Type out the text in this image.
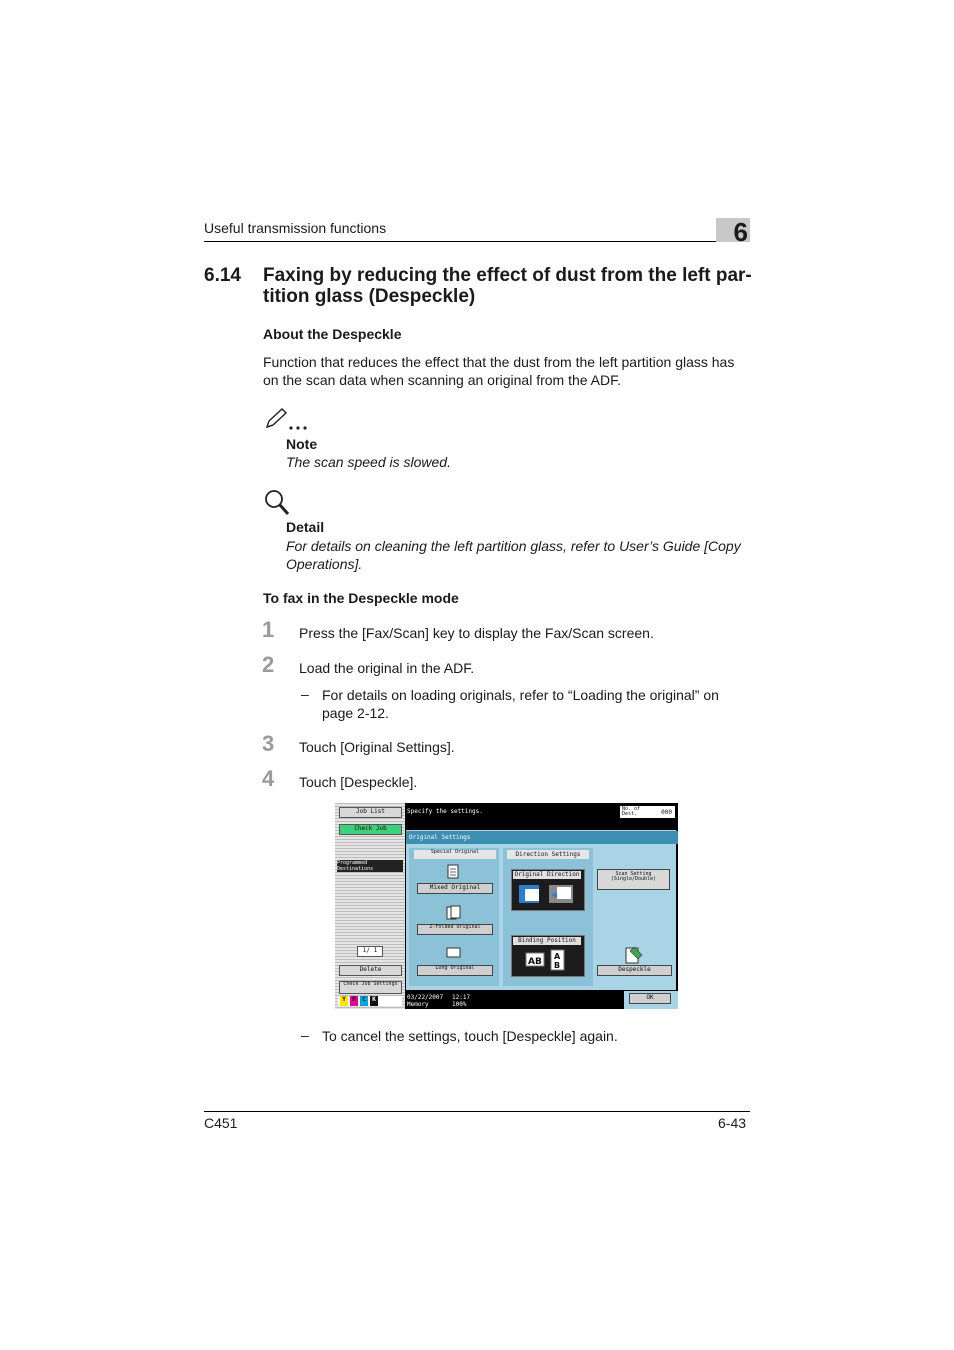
Useful transmission functions	6
6.14 Faxing by reducing the effect of dust from the left par-
tition glass (Despeckle)
About the Despeckle
Function that reduces the effect that the dust from the left partition glass has on the scan data when scanning an original from the ADF.
Note
The scan speed is slowed.
Detail
For details on cleaning the left partition glass, refer to User’s Guide [Copy Operations].
To fax in the Despeckle mode
1 Press the [Fax/Scan] key to display the Fax/Scan screen.
2 Load the original in the ADF.
– For details on loading originals, refer to “Loading the original” on page 2-12.
3 Touch [Original Settings].
4 Touch [Despeckle].
Job List
Check Job
Programmed Destinations
1/ 1
Delete
Check Job Settings
Y	M	C	K
Specify the settings.	No. of Dest.	000
Original Settings
Special Original
Mixed Original
Z-Folded Original
Long Original
Direction Settings
Original Direction
Binding Position
AB
A
B
Scan Setting (Single/Double)
Despeckle
03/22/2007 12:17
Memory	100%
OK
– To cancel the settings, touch [Despeckle] again.
C451	6-43
